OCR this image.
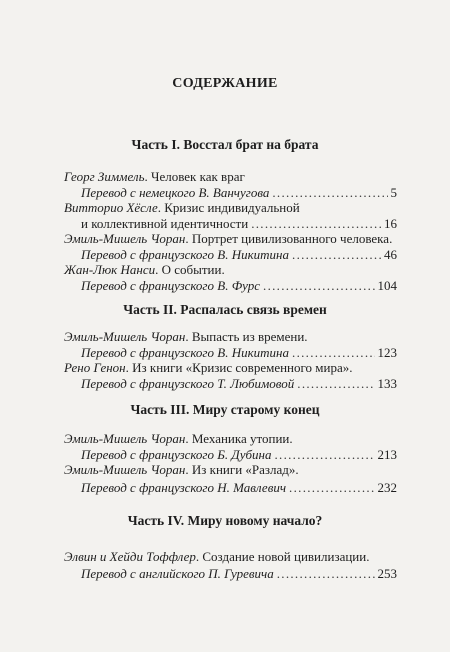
СОДЕРЖАНИЕ
Часть I. Восстал брат на брата
Георг Зиммель. Человек как враг
Перевод с немецкого В. Ванчугова .....	5
Витторио Хёсле. Кризис индивидуальной
и коллективной идентичности .....	16
Эмиль-Мишель Чоран. Портрет цивилизованного человека.
Перевод с французского В. Никитина .....	46
Жан-Люк Нанси. О событии.
Перевод с французского В. Фурс .....	104
Часть II. Распалась связь времен
Эмиль-Мишель Чоран. Выпасть из времени.
Перевод с французского В. Никитина .....	123
Рено Генон. Из книги «Кризис современного мира».
Перевод с французского Т. Любимовой .....	133
Часть III. Миру старому конец
Эмиль-Мишель Чоран. Механика утопии.
Перевод с французского Б. Дубина .....	213
Эмиль-Мишель Чоран. Из книги «Разлад».
Перевод с французского Н. Мавлевич .....	232
Часть IV. Миру новому начало?
Элвин и Хейди Тоффлер. Создание новой цивилизации.
Перевод с английского П. Гуревича .....	253
